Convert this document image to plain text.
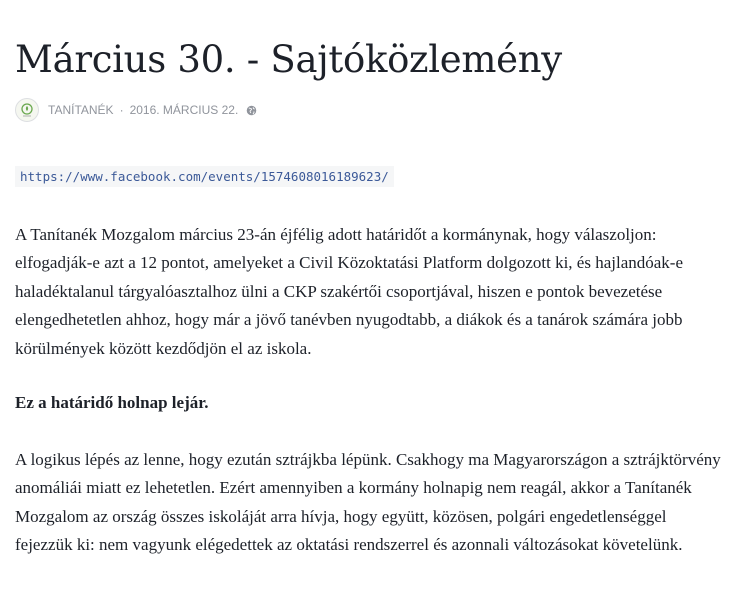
Március 30. - Sajtóközlemény
TANÍTANÉK · 2016. MÁRCIUS 22.
https://www.facebook.com/events/1574608016189623/

A Tanítanék Mozgalom március 23-án éjfélig adott határidőt a kormánynak, hogy válaszoljon: elfogadják-e azt a 12 pontot, amelyeket a Civil Közoktatási Platform dolgozott ki, és hajlandóak-e haladéktalanul tárgyalóasztalhoz ülni a CKP szakértői csoportjával, hiszen e pontok bevezetése elengedhetetlen ahhoz, hogy már a jövő tanévben nyugodtabb, a diákok és a tanárok számára jobb körülmények között kezdődjön el az iskola.

Ez a határidő holnap lejár.

A logikus lépés az lenne, hogy ezután sztrájkba lépünk. Csakhogy ma Magyarországon a sztrájktörvény anomáliái miatt ez lehetetlen. Ezért amennyiben a kormány holnapig nem reagál, akkor a Tanítanék Mozgalom az ország összes iskoláját arra hívja, hogy együtt, közösen, polgári engedetlenséggel fejezzük ki: nem vagyunk elégedettek az oktatási rendszerrel és azonnali változásokat követelünk.
